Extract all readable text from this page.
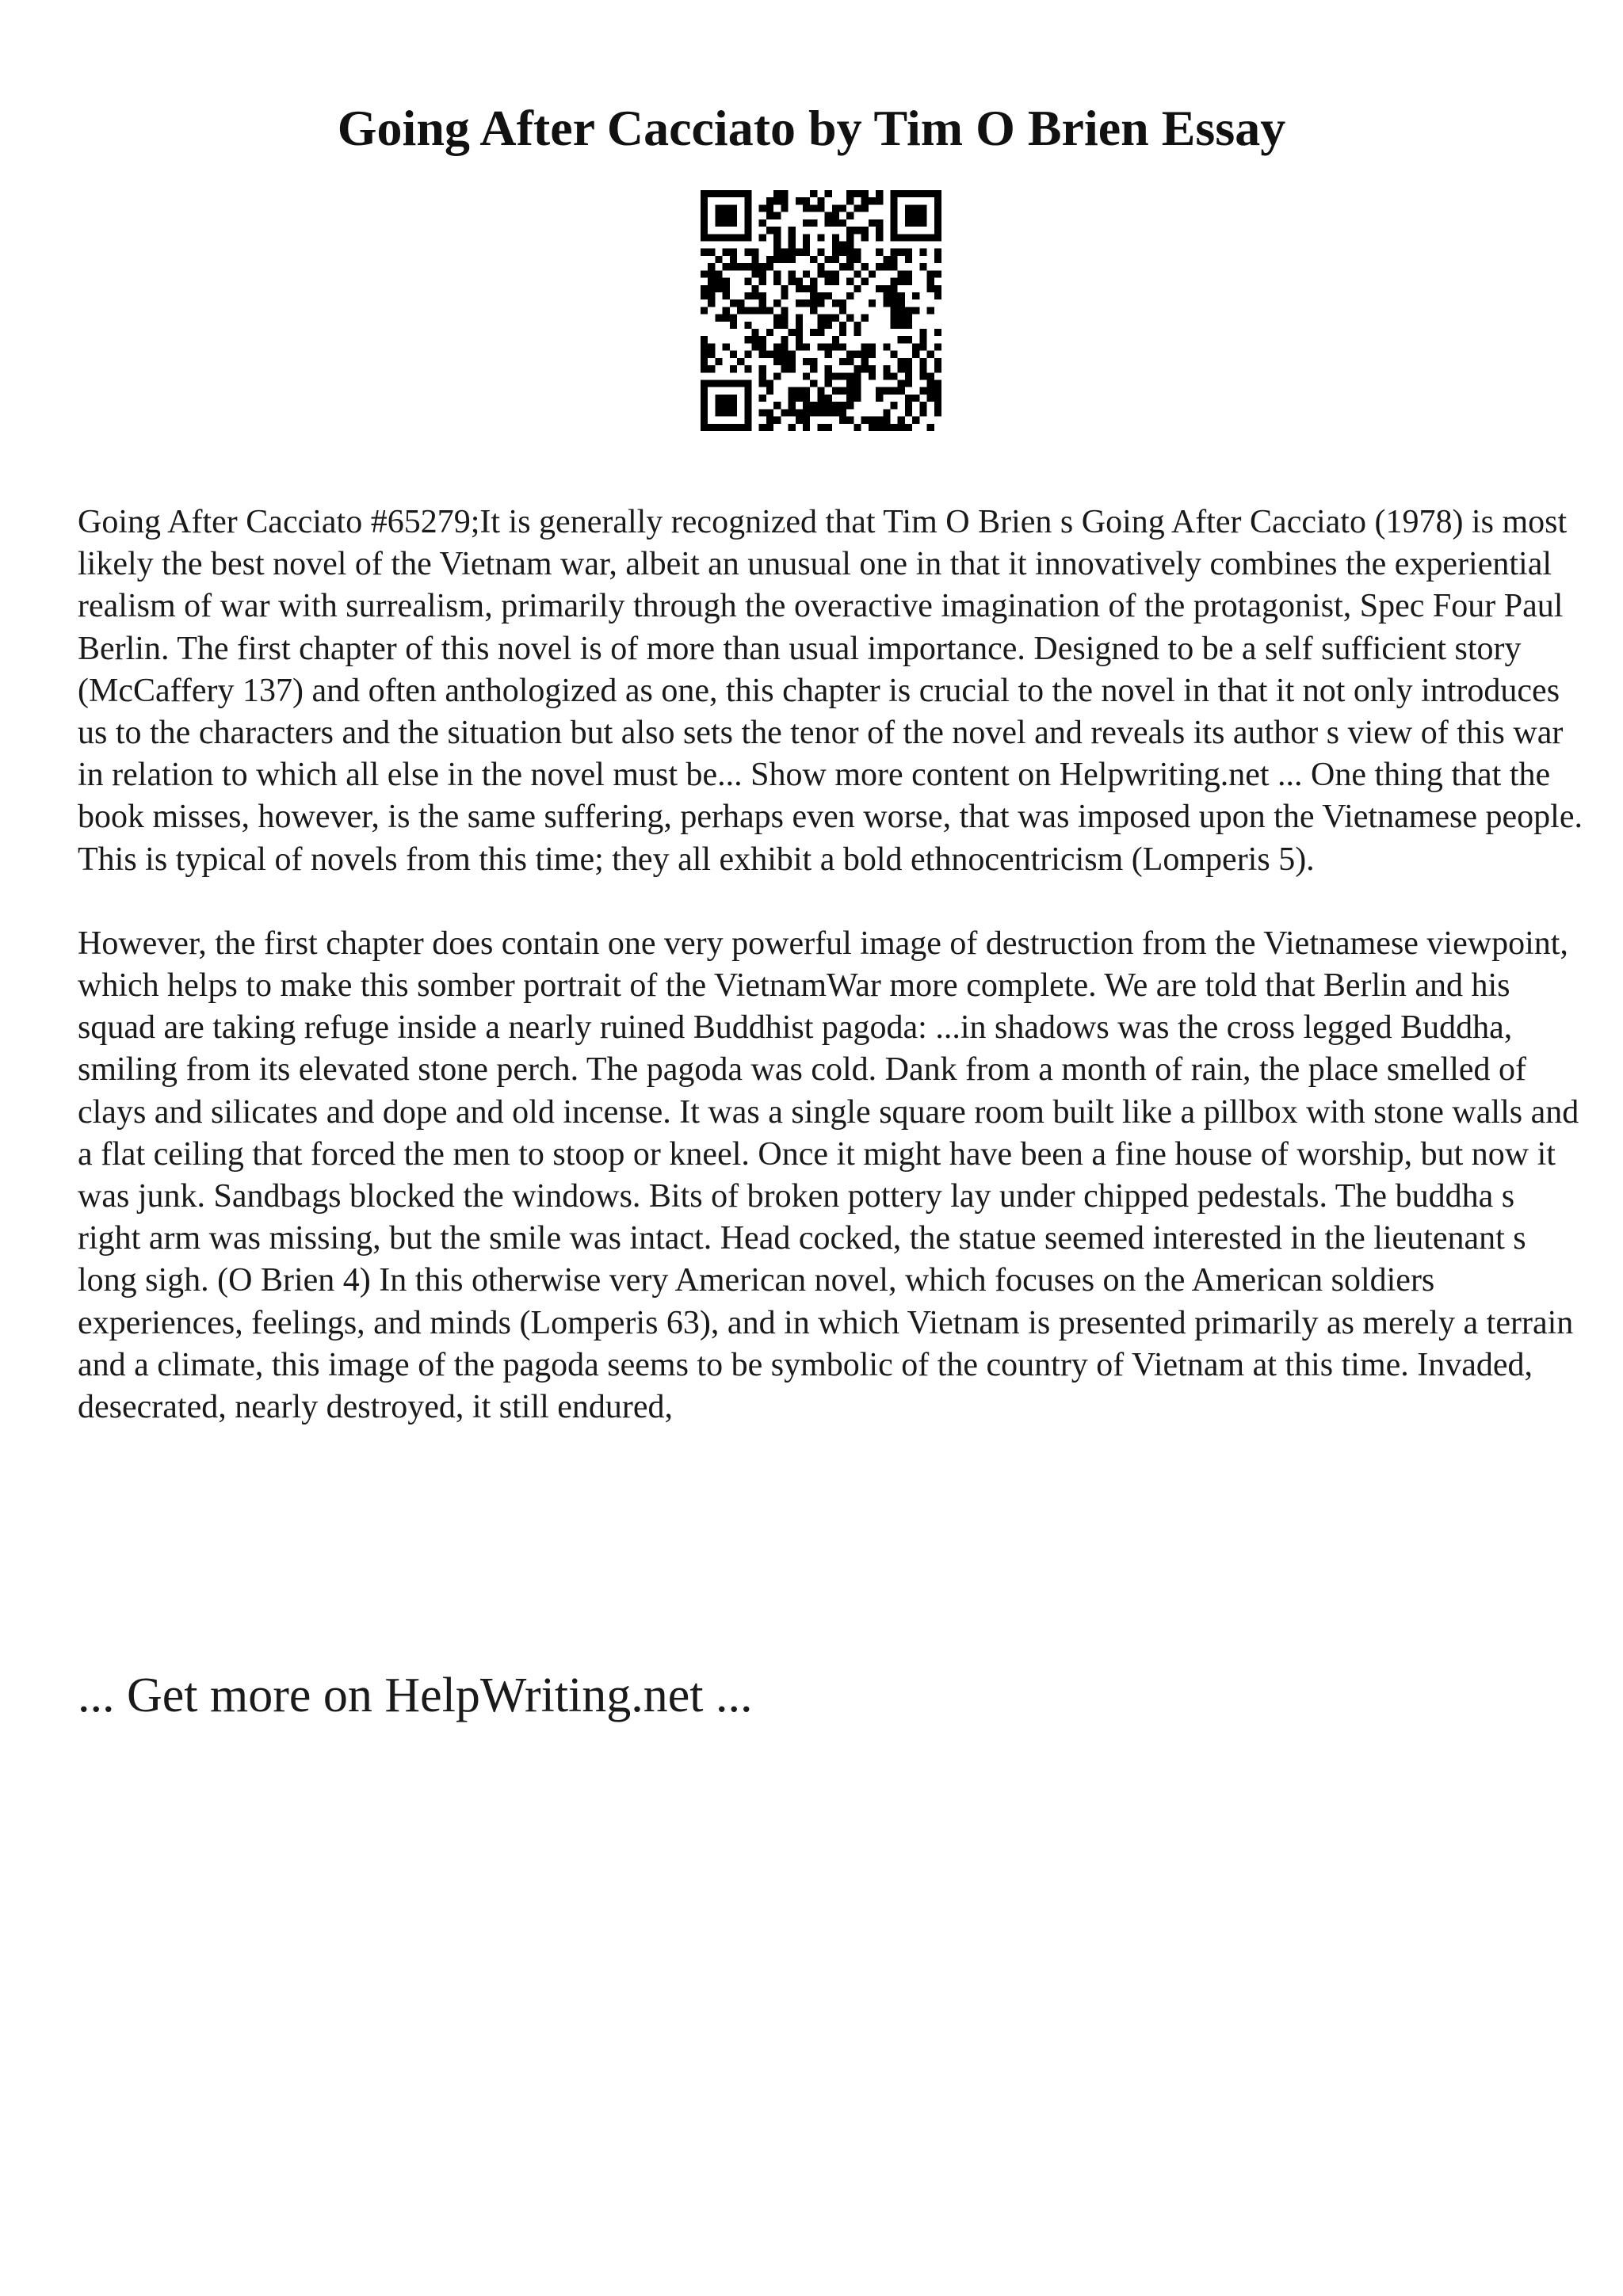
Going After Cacciato by Tim O Brien Essay

Going After Cacciato #65279;It is generally recognized that Tim O Brien s Going After Cacciato (1978) is most likely the best novel of the Vietnam war, albeit an unusual one in that it innovatively combines the experiential realism of war with surrealism, primarily through the overactive imagination of the protagonist, Spec Four Paul Berlin. The first chapter of this novel is of more than usual importance. Designed to be a self sufficient story (McCaffery 137) and often anthologized as one, this chapter is crucial to the novel in that it not only introduces us to the characters and the situation but also sets the tenor of the novel and reveals its author s view of this war in relation to which all else in the novel must be... Show more content on Helpwriting.net ... One thing that the book misses, however, is the same suffering, perhaps even worse, that was imposed upon the Vietnamese people. This is typical of novels from this time; they all exhibit a bold ethnocentricism (Lomperis 5).

However, the first chapter does contain one very powerful image of destruction from the Vietnamese viewpoint, which helps to make this somber portrait of the VietnamWar more complete. We are told that Berlin and his squad are taking refuge inside a nearly ruined Buddhist pagoda: ...in shadows was the cross legged Buddha, smiling from its elevated stone perch. The pagoda was cold. Dank from a month of rain, the place smelled of clays and silicates and dope and old incense. It was a single square room built like a pillbox with stone walls and a flat ceiling that forced the men to stoop or kneel. Once it might have been a fine house of worship, but now it was junk. Sandbags blocked the windows. Bits of broken pottery lay under chipped pedestals. The buddha s right arm was missing, but the smile was intact. Head cocked, the statue seemed interested in the lieutenant s long sigh. (O Brien 4) In this otherwise very American novel, which focuses on the American soldiers experiences, feelings, and minds (Lomperis 63), and in which Vietnam is presented primarily as merely a terrain and a climate, this image of the pagoda seems to be symbolic of the country of Vietnam at this time. Invaded, desecrated, nearly destroyed, it still endured,

... Get more on HelpWriting.net ...
